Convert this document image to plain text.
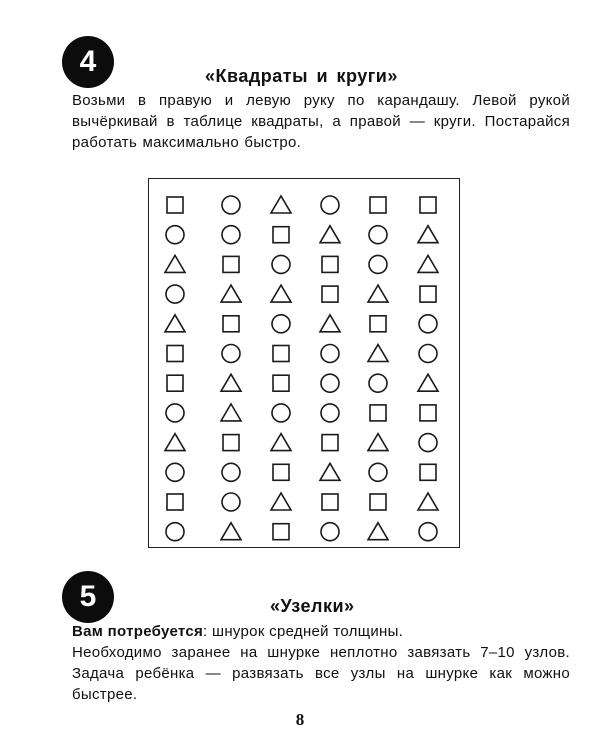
4	«Квадраты и круги»
Возьми в правую и левую руку по карандашу. Левой рукой вычёркивай в таблице квадраты, а правой — круги. Постарайся работать максимально быстро.
5	«Узелки»
Вам потребуется: шнурок средней толщины.
Необходимо заранее на шнурке неплотно завязать 7–10 узлов. Задача ребёнка — развязать все узлы на шнурке как можно быстрее.
8
